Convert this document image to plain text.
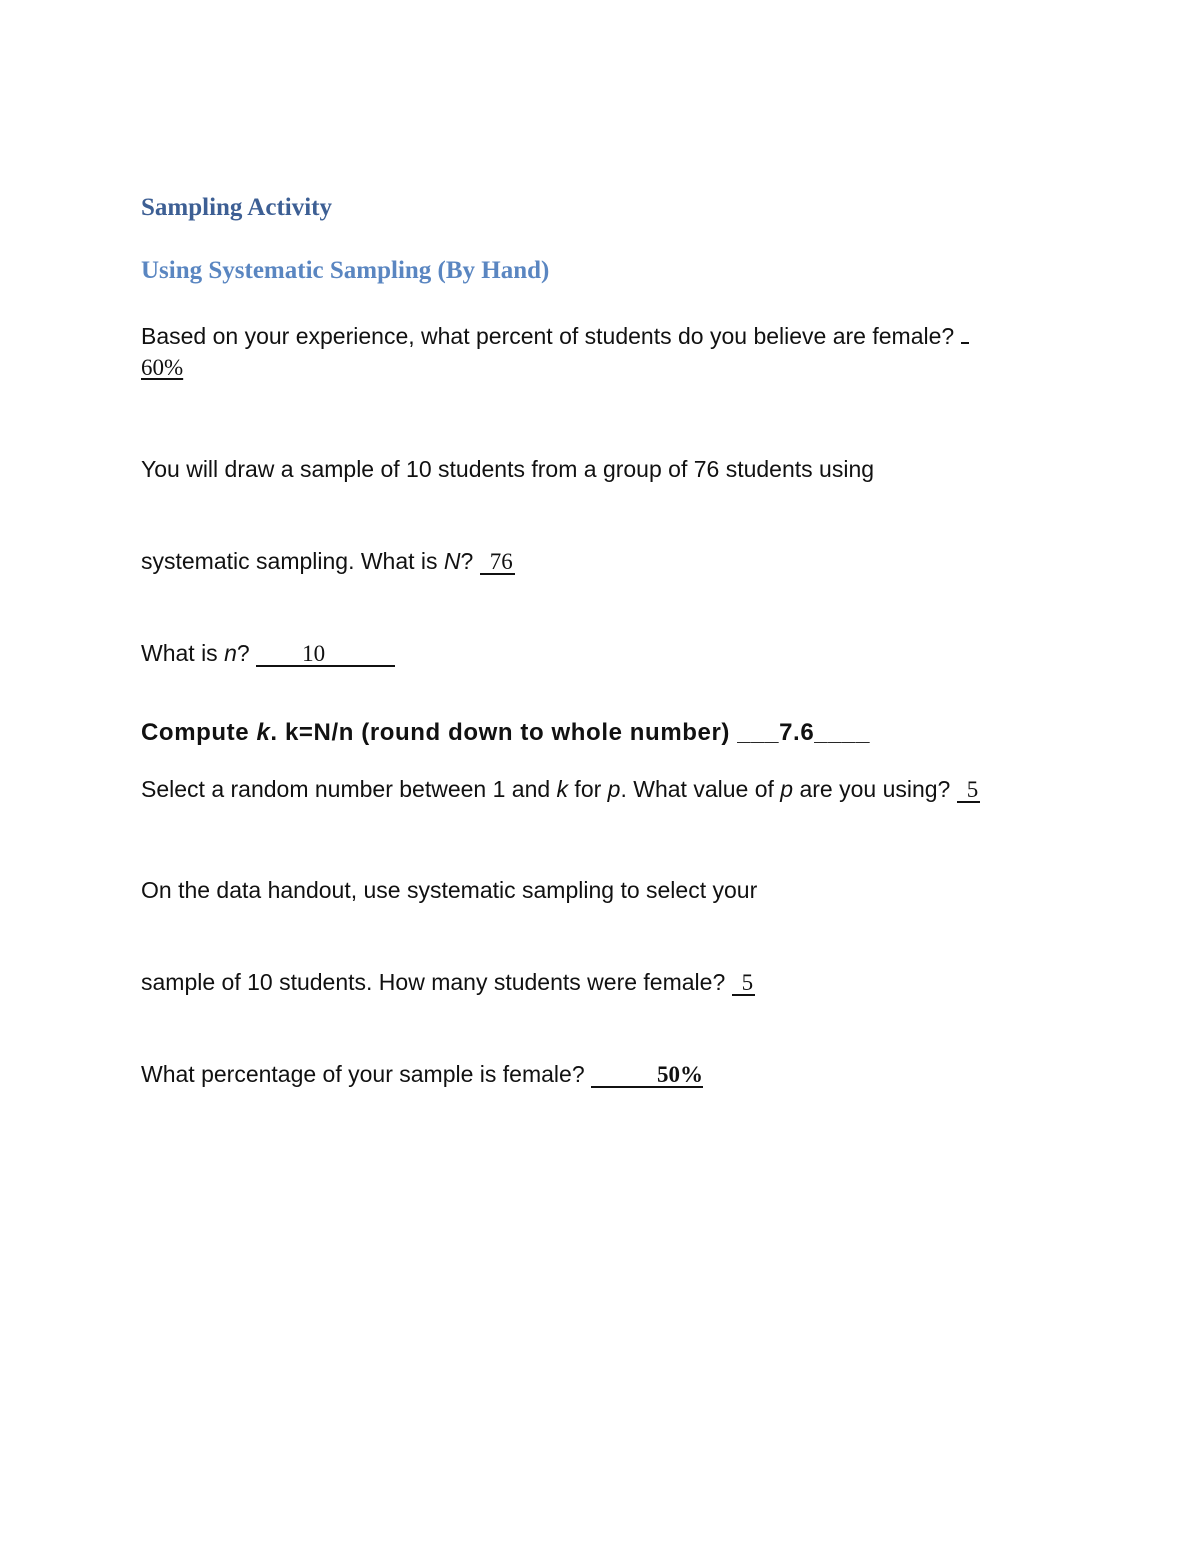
Sampling Activity
Using Systematic Sampling (By Hand)
Based on your experience, what percent of students do you believe are female?
60%
You will draw a sample of 10 students from a group of 76 students using
systematic sampling. What is N? 76
What is n? 10
Compute k. k=N/n (round down to whole number) ___7.6____
Select a random number between 1 and k for p. What value of p are you using? 5
On the data handout, use systematic sampling to select your
sample of 10 students. How many students were female? 5
What percentage of your sample is female?	50%
